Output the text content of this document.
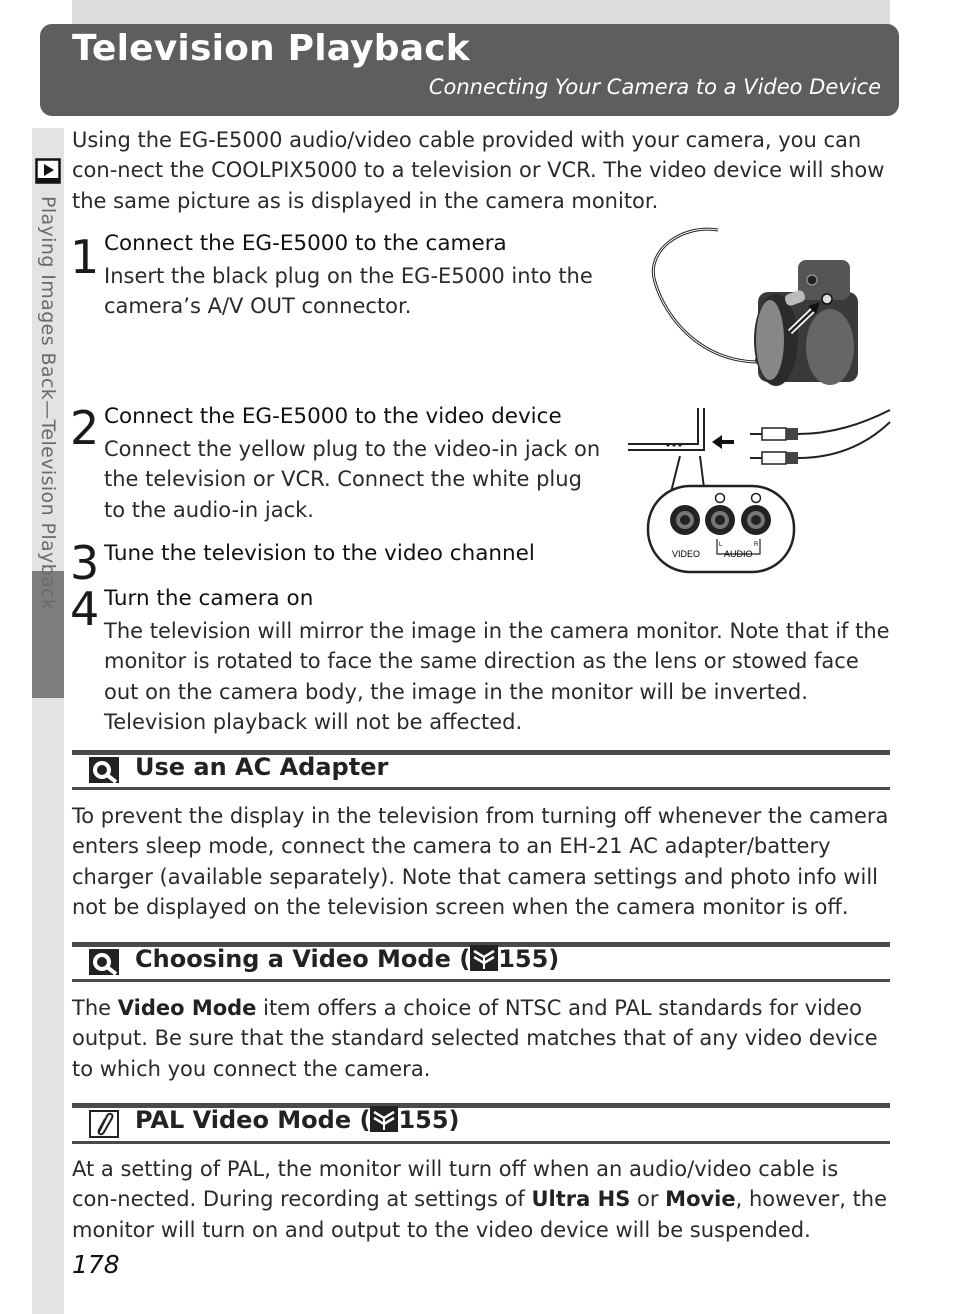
Television Playback
Connecting Your Camera to a Video Device
Playing Images Back—Television Playback

Using the EG-E5000 audio/video cable provided with your camera, you can con-nect the COOLPIX5000 to a television or VCR. The video device will show the same picture as is displayed in the camera monitor.

1 Connect the EG-E5000 to the camera

Insert the black plug on the EG-E5000 into the camera’s A/V OUT connector.

2 Connect the EG-E5000 to the video device

Connect the yellow plug to the video-in jack on the television or VCR. Connect the white plug to the audio-in jack.

VIDEO	AUDIO
L	R
3 Tune the television to the video channel

4 Turn the camera on

The television will mirror the image in the camera monitor. Note that if the monitor is rotated to face the same direction as the lens or stowed face out on the camera body, the image in the monitor will be inverted. Television playback will not be affected.

Use an AC Adapter

To prevent the display in the television from turning off whenever the camera enters sleep mode, connect the camera to an EH-21 AC adapter/battery charger (available separately). Note that camera settings and photo info will not be displayed on the television screen when the camera monitor is off.

Choosing a Video Mode ( 155)

The Video Mode item offers a choice of NTSC and PAL standards for video output. Be sure that the standard selected matches that of any video device to which you connect the camera.

PAL Video Mode ( 155)

At a setting of PAL, the monitor will turn off when an audio/video cable is con-nected. During recording at settings of Ultra HS or Movie, however, the monitor will turn on and output to the video device will be suspended.

178
